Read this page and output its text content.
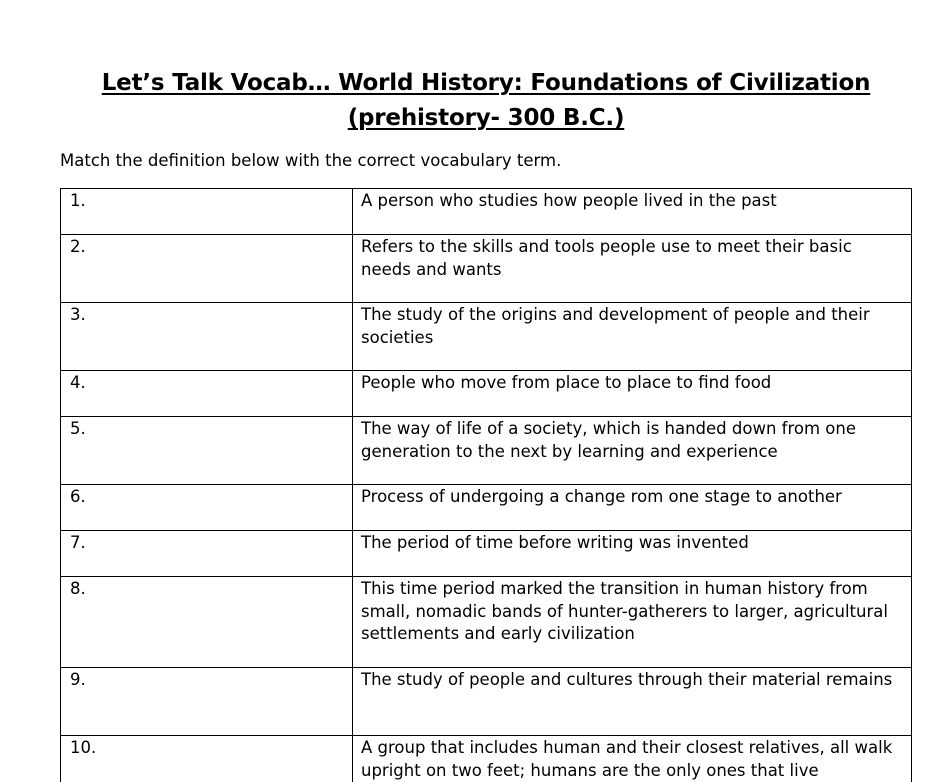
Let’s Talk Vocab… World History: Foundations of Civilization
(prehistory- 300 B.C.)
Match the definition below with the correct vocabulary term.
1.	A person who studies how people lived in the past
2.	Refers to the skills and tools people use to meet their basic needs and wants
3.	The study of the origins and development of people and their societies
4.	People who move from place to place to find food
5.	The way of life of a society, which is handed down from one generation to the next by learning and experience
6.	Process of undergoing a change rom one stage to another
7.	The period of time before writing was invented
8.	This time period marked the transition in human history from small, nomadic bands of hunter-gatherers to larger, agricultural settlements and early civilization
9.	The study of people and cultures through their material remains
10.	A group that includes human and their closest relatives, all walk upright on two feet; humans are the only ones that live
